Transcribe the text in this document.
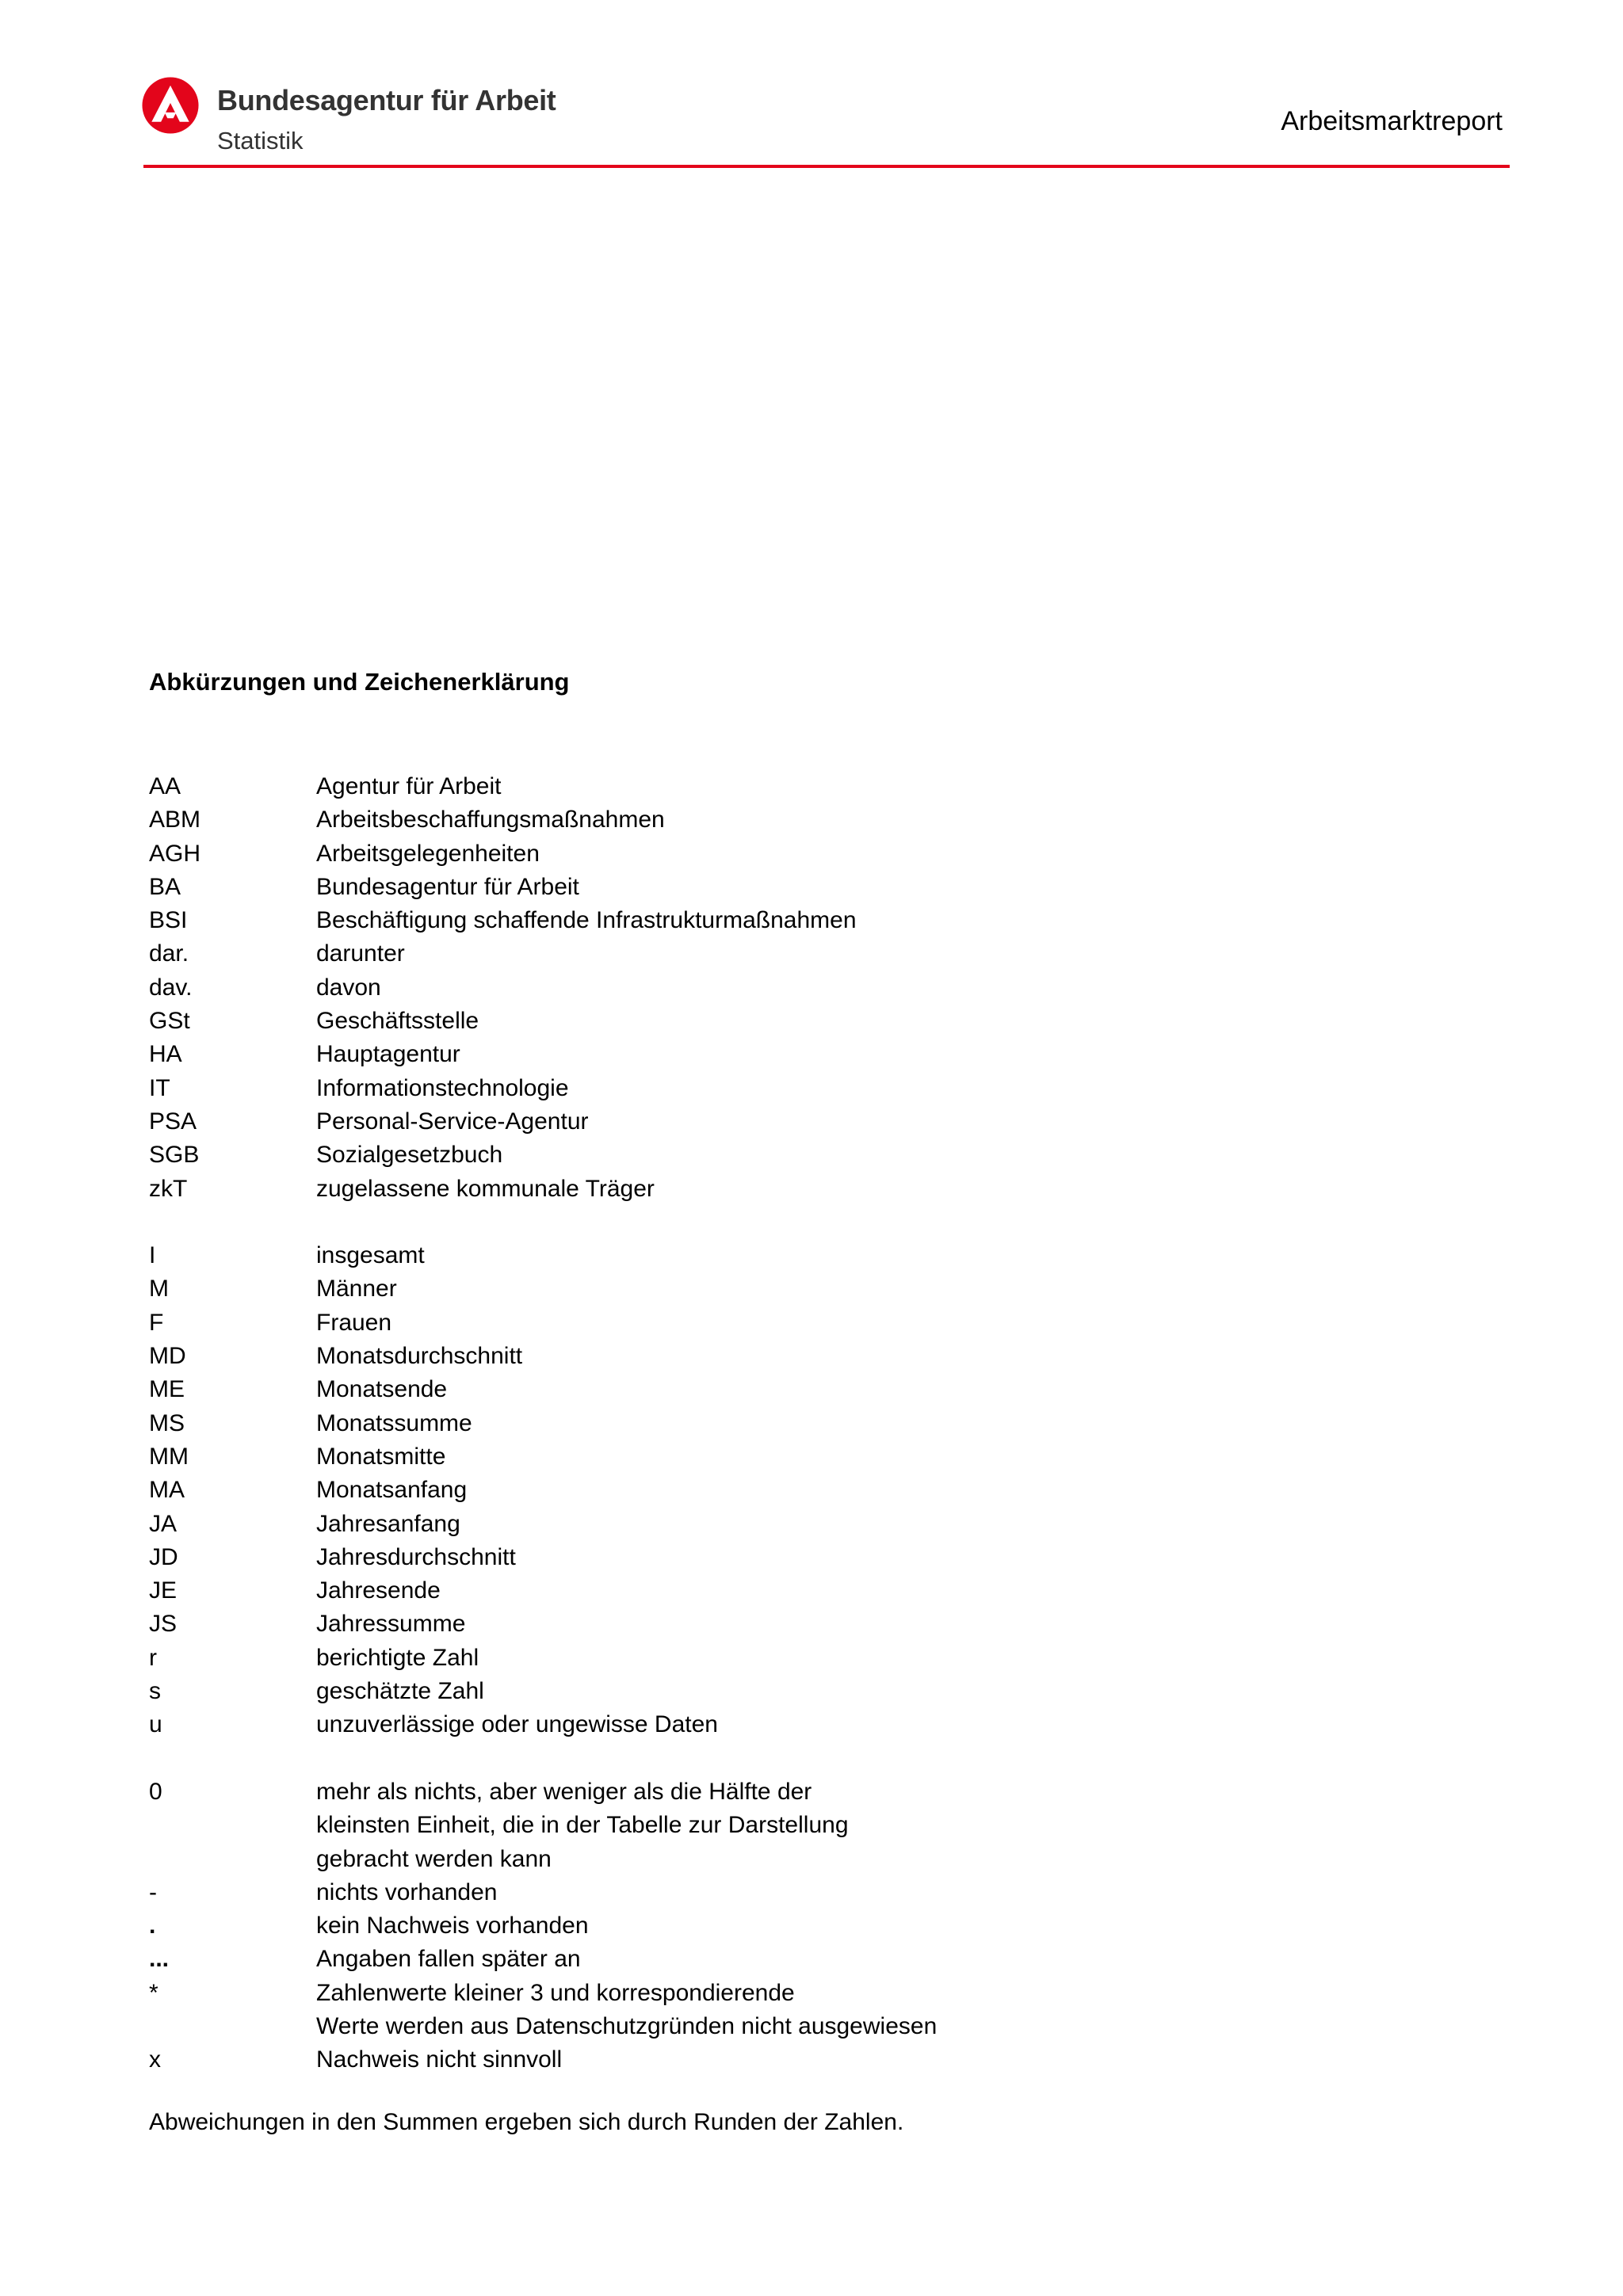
Bundesagentur für Arbeit
Statistik
Arbeitsmarktreport
Abkürzungen und Zeichenerklärung
AA	Agentur für Arbeit
ABM	Arbeitsbeschaffungsmaßnahmen
AGH	Arbeitsgelegenheiten
BA	Bundesagentur für Arbeit
BSI	Beschäftigung schaffende Infrastrukturmaßnahmen
dar.	darunter
dav.	davon
GSt	Geschäftsstelle
HA	Hauptagentur
IT	Informationstechnologie
PSA	Personal-Service-Agentur
SGB	Sozialgesetzbuch
zkT	zugelassene kommunale Träger
I	insgesamt
M	Männer
F	Frauen
MD	Monatsdurchschnitt
ME	Monatsende
MS	Monatssumme
MM	Monatsmitte
MA	Monatsanfang
JA	Jahresanfang
JD	Jahresdurchschnitt
JE	Jahresende
JS	Jahressumme
r	berichtigte Zahl
s	geschätzte Zahl
u	unzuverlässige oder ungewisse Daten
0	mehr als nichts, aber weniger als die Hälfte der
kleinsten Einheit, die in der Tabelle zur Darstellung
gebracht werden kann
-	nichts vorhanden
.	kein Nachweis vorhanden
...	Angaben fallen später an
*	Zahlenwerte kleiner 3 und korrespondierende
Werte werden aus Datenschutzgründen nicht ausgewiesen
x	Nachweis nicht sinnvoll
Abweichungen in den Summen ergeben sich durch Runden der Zahlen.
